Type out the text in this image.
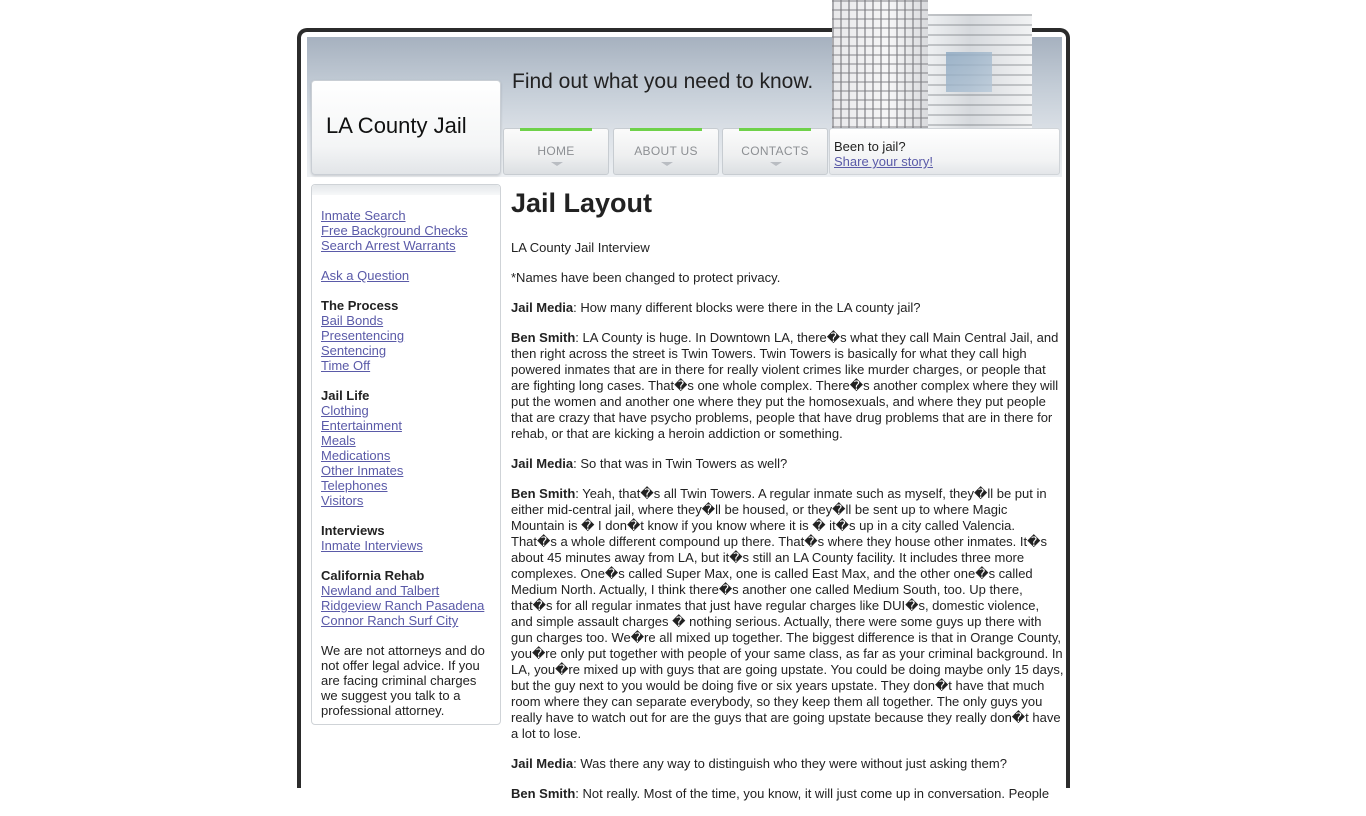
Find out what you need to know.
LA County Jail
HOME	ABOUT US	CONTACTS	Been to jail?
Share your story!
Inmate Search
Free Background Checks
Search Arrest Warrants
Ask a Question
The Process
Bail Bonds
Presentencing
Sentencing
Time Off
Jail Life
Clothing
Entertainment
Meals
Medications
Other Inmates
Telephones
Visitors
Interviews
Inmate Interviews
California Rehab
Newland and Talbert
Ridgeview Ranch Pasadena
Connor Ranch Surf City
We are not attorneys and do not offer legal advice. If you are facing criminal charges we suggest you talk to a professional attorney.
Jail Layout

LA County Jail Interview

*Names have been changed to protect privacy.

Jail Media: How many different blocks were there in the LA county jail?

Ben Smith: LA County is huge. In Downtown LA, there�s what they call Main Central Jail, and then right across the street is Twin Towers. Twin Towers is basically for what they call high powered inmates that are in there for really violent crimes like murder charges, or people that are fighting long cases. That�s one whole complex. There�s another complex where they will put the women and another one where they put the homosexuals, and where they put people that are crazy that have psycho problems, people that have drug problems that are in there for rehab, or that are kicking a heroin addiction or something.

Jail Media: So that was in Twin Towers as well?

Ben Smith: Yeah, that�s all Twin Towers. A regular inmate such as myself, they�ll be put in either mid-central jail, where they�ll be housed, or they�ll be sent up to where Magic Mountain is � I don�t know if you know where it is � it�s up in a city called Valencia. That�s a whole different compound up there. That�s where they house other inmates. It�s about 45 minutes away from LA, but it�s still an LA County facility. It includes three more complexes. One�s called Super Max, one is called East Max, and the other one�s called Medium North. Actually, I think there�s another one called Medium South, too. Up there, that�s for all regular inmates that just have regular charges like DUI�s, domestic violence, and simple assault charges � nothing serious. Actually, there were some guys up there with gun charges too. We�re all mixed up together. The biggest difference is that in Orange County, you�re only put together with people of your same class, as far as your criminal background. In LA, you�re mixed up with guys that are going upstate. You could be doing maybe only 15 days, but the guy next to you would be doing five or six years upstate. They don�t have that much room where they can separate everybody, so they keep them all together. The only guys you really have to watch out for are the guys that are going upstate because they really don�t have a lot to lose.

Jail Media: Was there any way to distinguish who they were without just asking them?

Ben Smith: Not really. Most of the time, you know, it will just come up in conversation. People
